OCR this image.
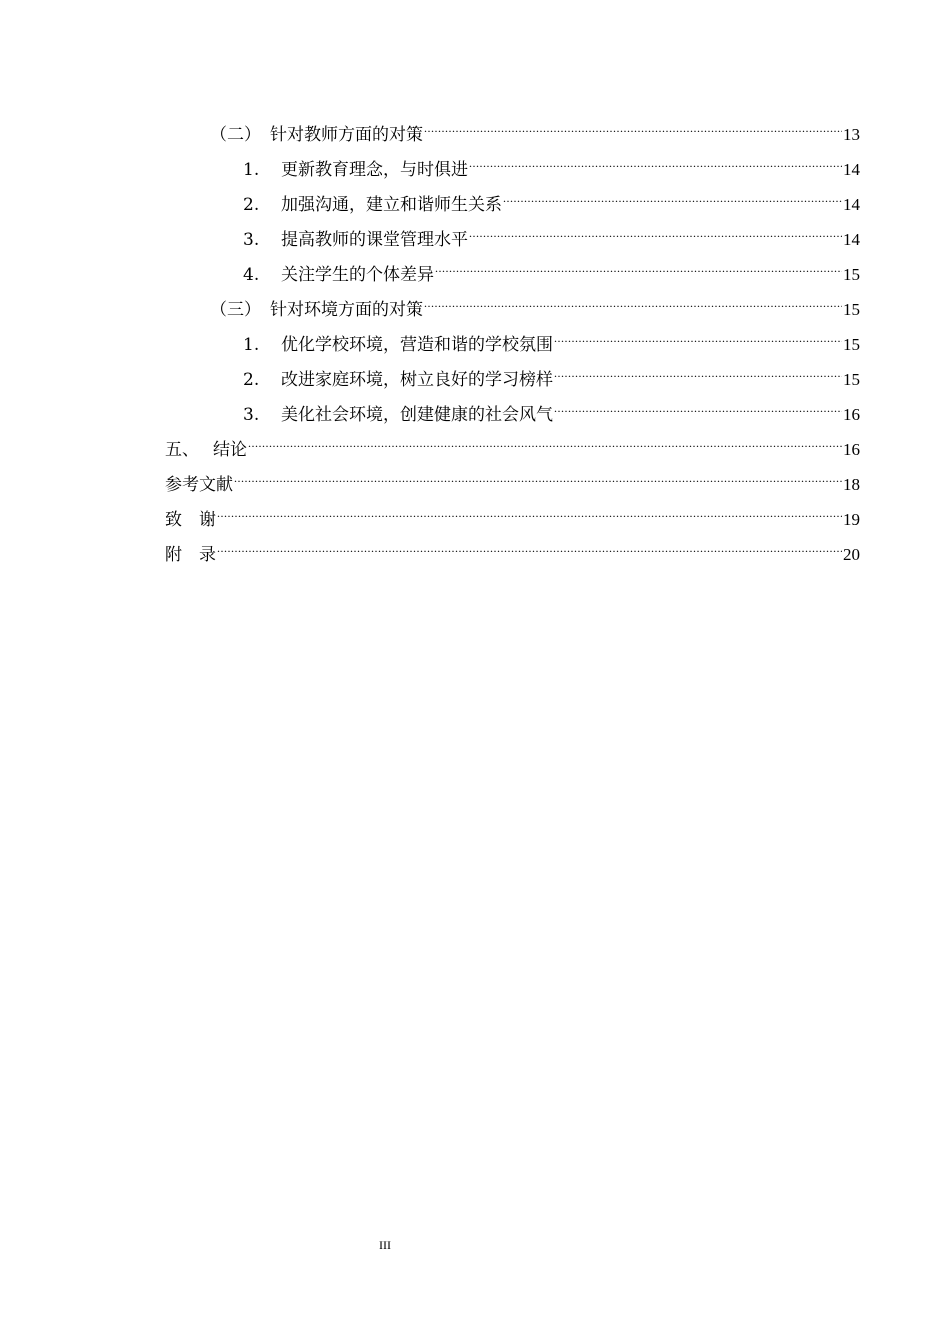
（二） 针对教师方面的对策 .....	13
1.	更新教育理念，与时俱进 .....	14
2.	加强沟通，建立和谐师生关系 .....	14
3.	提高教师的课堂管理水平 .....	14
4.	关注学生的个体差异 .....	15
（三） 针对环境方面的对策 .....	15
1.	优化学校环境，营造和谐的学校氛围 .....	15
2.	改进家庭环境，树立良好的学习榜样 .....	15
3.	美化社会环境，创建健康的社会风气 .....	16
五、 结论 .....	16
参考文献 .....	18
致　谢 .....	19
附　录 .....	20
III
